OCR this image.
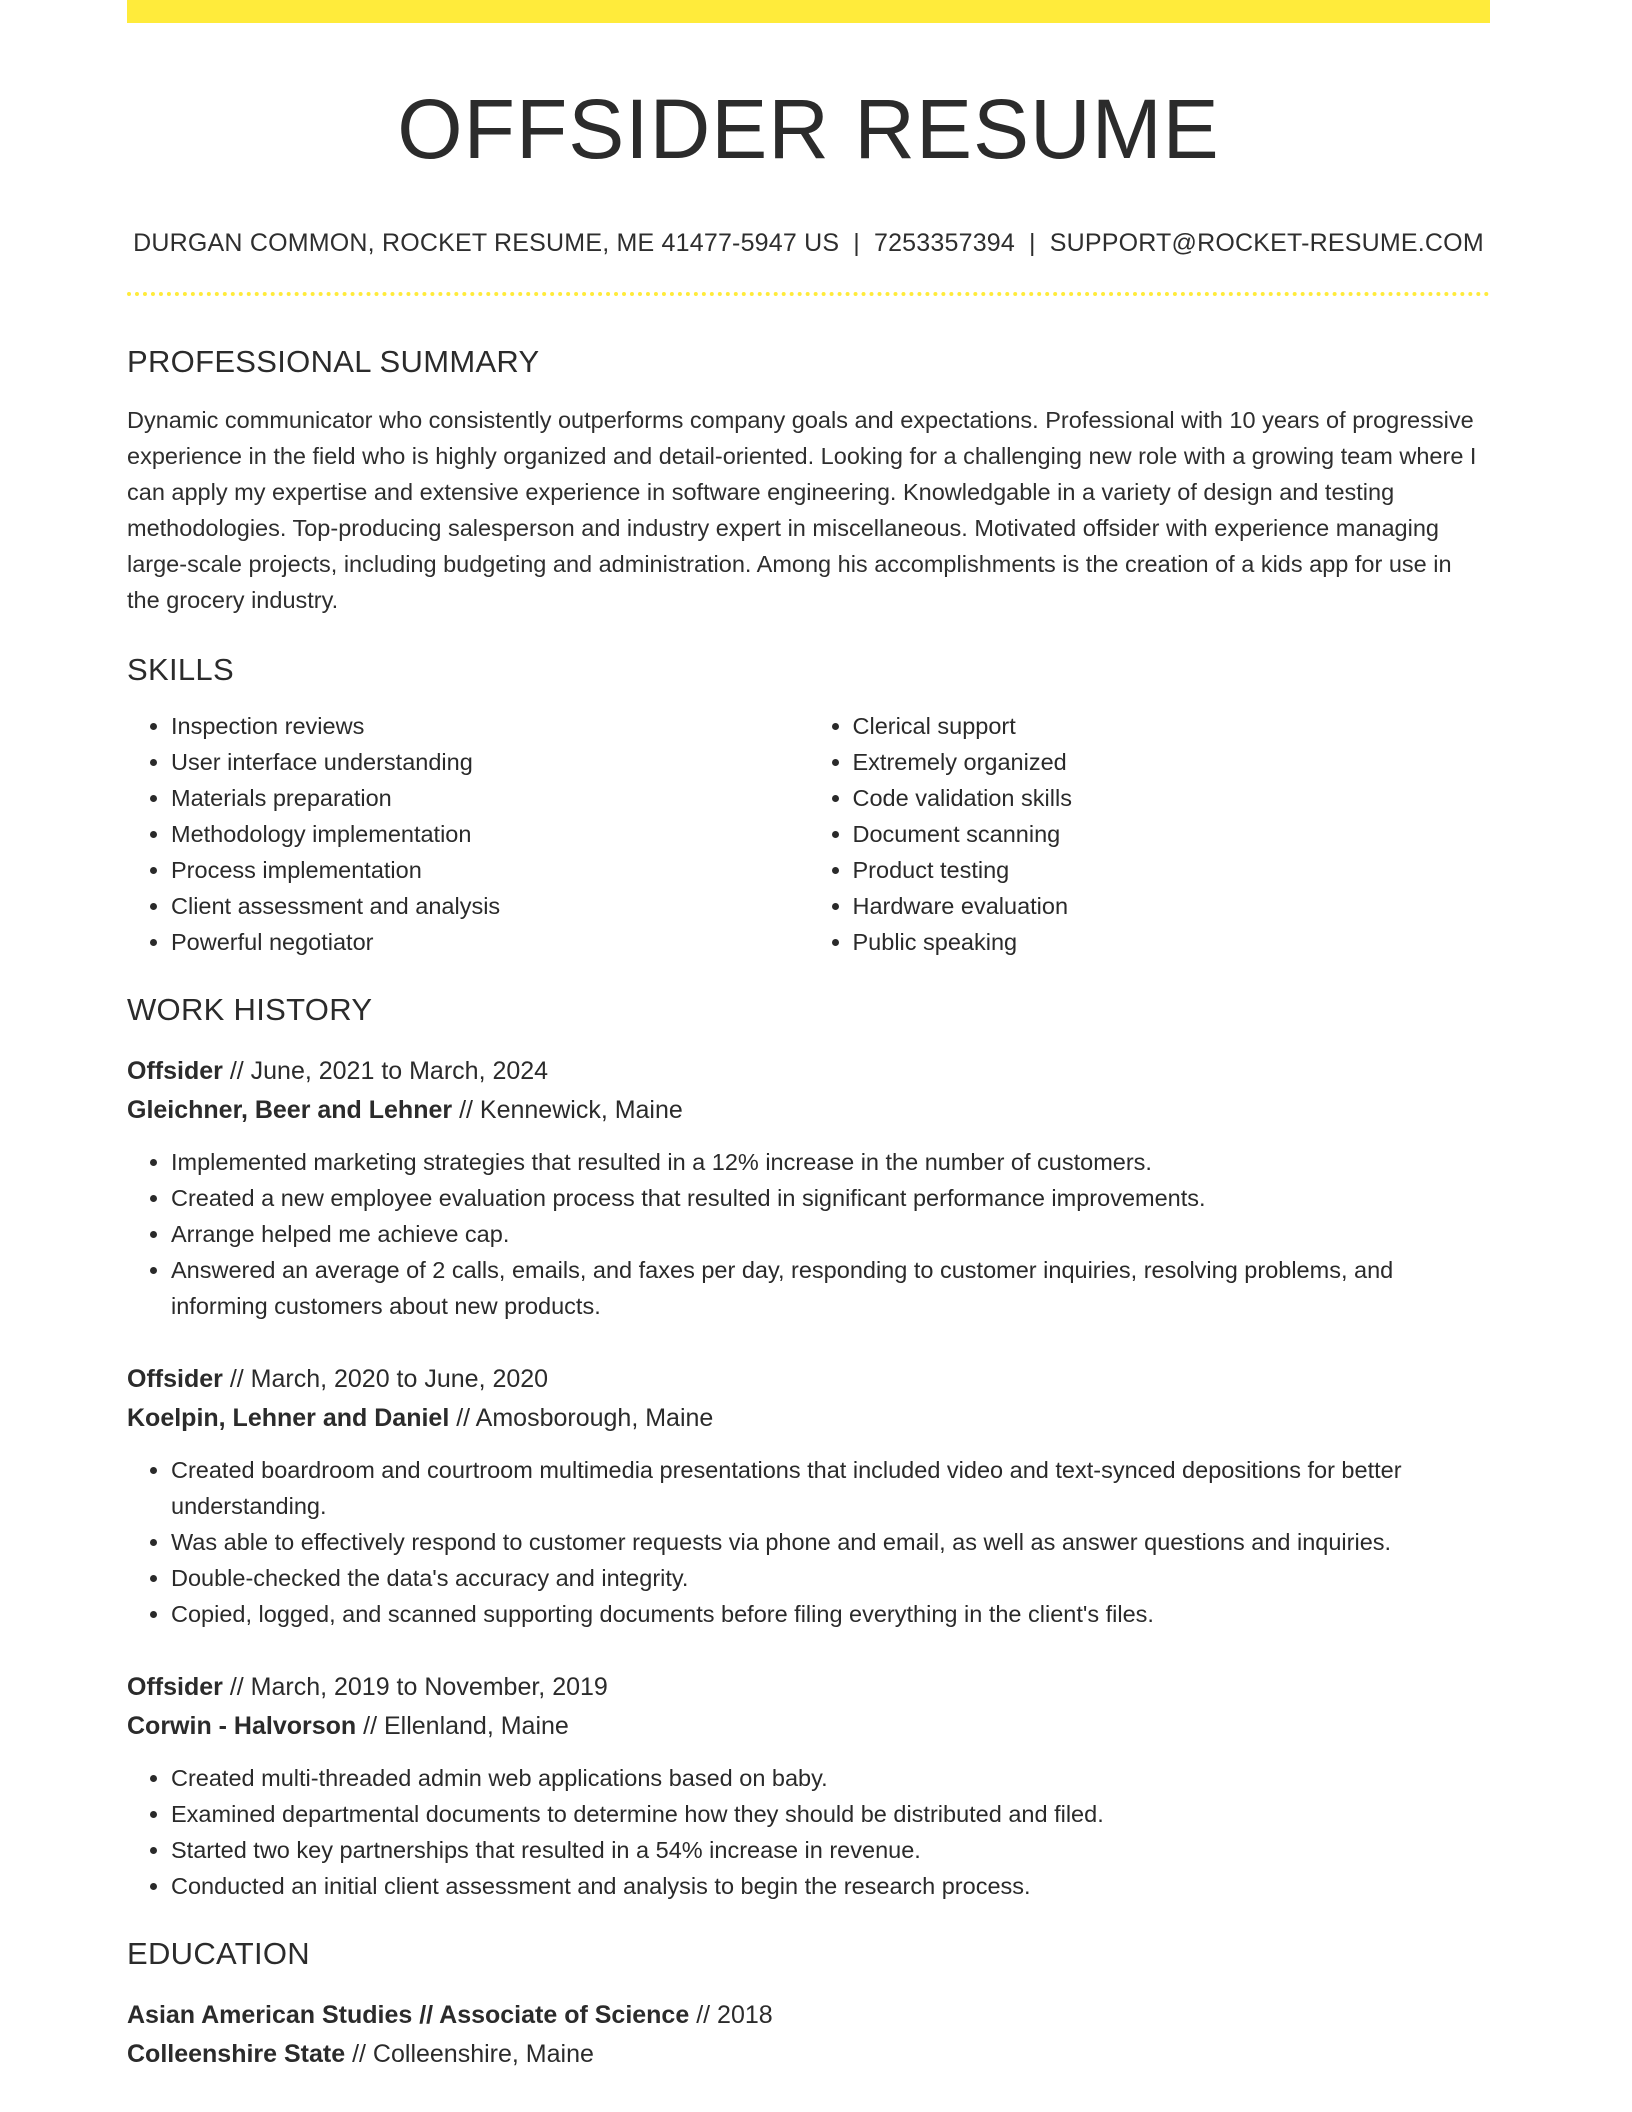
OFFSIDER RESUME
DURGAN COMMON, ROCKET RESUME, ME 41477-5947 US | 7253357394 | SUPPORT@ROCKET-RESUME.COM
PROFESSIONAL SUMMARY

Dynamic communicator who consistently outperforms company goals and expectations. Professional with 10 years of progressive experience in the field who is highly organized and detail-oriented. Looking for a challenging new role with a growing team where I can apply my expertise and extensive experience in software engineering. Knowledgable in a variety of design and testing methodologies. Top-producing salesperson and industry expert in miscellaneous. Motivated offsider with experience managing large-scale projects, including budgeting and administration. Among his accomplishments is the creation of a kids app for use in the grocery industry.

SKILLS
• Inspection reviews
• User interface understanding
• Materials preparation
• Methodology implementation
• Process implementation
• Client assessment and analysis
• Powerful negotiator
• Clerical support
• Extremely organized
• Code validation skills
• Document scanning
• Product testing
• Hardware evaluation
• Public speaking
WORK HISTORY
Offsider // June, 2021 to March, 2024
Gleichner, Beer and Lehner // Kennewick, Maine
• Implemented marketing strategies that resulted in a 12% increase in the number of customers.
• Created a new employee evaluation process that resulted in significant performance improvements.
• Arrange helped me achieve cap.
• Answered an average of 2 calls, emails, and faxes per day, responding to customer inquiries, resolving problems, and informing customers about new products.
Offsider // March, 2020 to June, 2020
Koelpin, Lehner and Daniel // Amosborough, Maine
• Created boardroom and courtroom multimedia presentations that included video and text-synced depositions for better understanding.
• Was able to effectively respond to customer requests via phone and email, as well as answer questions and inquiries.
• Double-checked the data's accuracy and integrity.
• Copied, logged, and scanned supporting documents before filing everything in the client's files.
Offsider // March, 2019 to November, 2019
Corwin - Halvorson // Ellenland, Maine
• Created multi-threaded admin web applications based on baby.
• Examined departmental documents to determine how they should be distributed and filed.
• Started two key partnerships that resulted in a 54% increase in revenue.
• Conducted an initial client assessment and analysis to begin the research process.
EDUCATION
Asian American Studies // Associate of Science // 2018
Colleenshire State // Colleenshire, Maine
